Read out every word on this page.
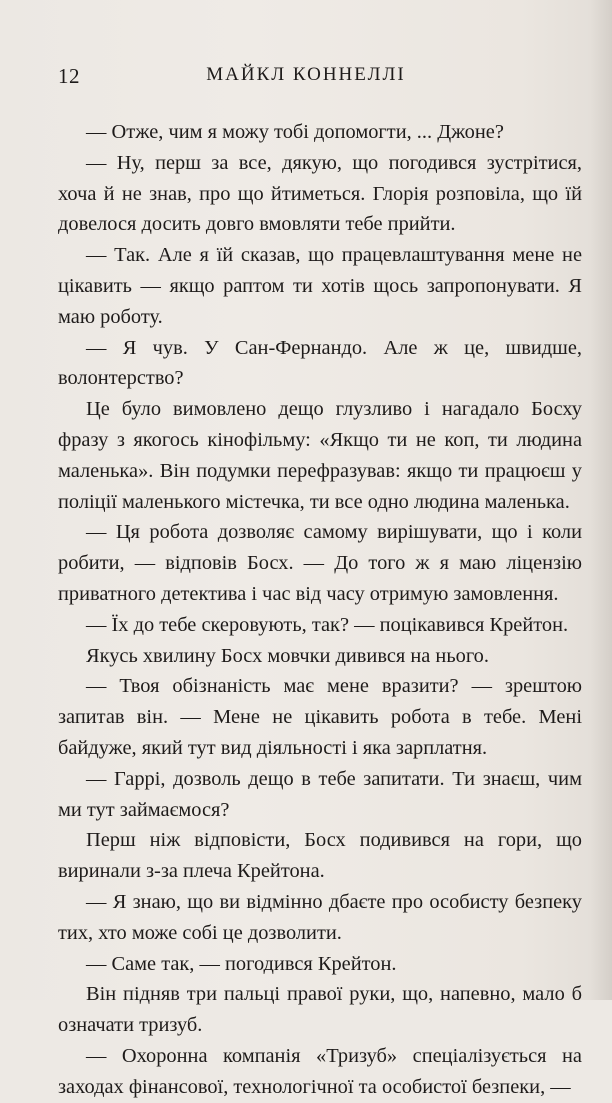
12	МАЙКЛ КОННЕЛЛІ

— Отже, чим я можу тобі допомогти, ... Джоне?

— Ну, перш за все, дякую, що погодився зустрітися, хоча й не знав, про що йтиметься. Глорія розповіла, що їй довелося досить довго вмовляти тебе прийти.

— Так. Але я їй сказав, що працевлаштування мене не цікавить — якщо раптом ти хотів щось запропонувати. Я маю роботу.

— Я чув. У Сан-Фернандо. Але ж це, швидше, волонтерство?

Це було вимовлено дещо глузливо і нагадало Босху фразу з якогось кінофільму: «Якщо ти не коп, ти людина маленька». Він подумки перефразував: якщо ти працюєш у поліції маленького містечка, ти все одно людина маленька.

— Ця робота дозволяє самому вирішувати, що і коли робити, — відповів Босх. — До того ж я маю ліцензію приватного детектива і час від часу отримую замовлення.

— Їх до тебе скеровують, так? — поцікавився Крейтон.

Якусь хвилину Босх мовчки дивився на нього.

— Твоя обізнаність має мене вразити? — зрештою запитав він. — Мене не цікавить робота в тебе. Мені байдуже, який тут вид діяльності і яка зарплатня.

— Гаррі, дозволь дещо в тебе запитати. Ти знаєш, чим ми тут займаємося?

Перш ніж відповісти, Босх подивився на гори, що виринали з-за плеча Крейтона.

— Я знаю, що ви відмінно дбаєте про особисту безпеку тих, хто може собі це дозволити.

— Саме так, — погодився Крейтон.

Він підняв три пальці правої руки, що, напевно, мало б означати тризуб.

— Охоронна компанія «Тризуб» спеціалізується на заходах фінансової, технологічної та особистої безпеки, —
